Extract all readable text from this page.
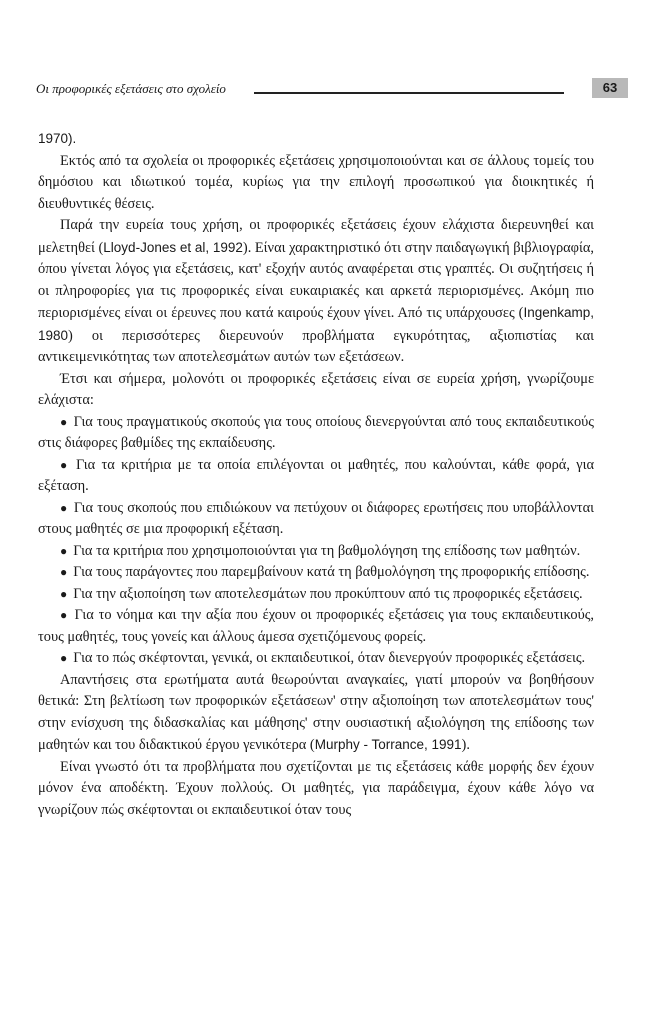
Οι προφορικές εξετάσεις στο σχολείο	63

1970).

Εκτός από τα σχολεία οι προφορικές εξετάσεις χρησιμοποιούνται και σε άλλους τομείς του δημόσιου και ιδιωτικού τομέα, κυρίως για την επιλογή προσωπικού για διοικητικές ή διευθυντικές θέσεις.

Παρά την ευρεία τους χρήση, οι προφορικές εξετάσεις έχουν ελάχιστα διερευνηθεί και μελετηθεί (Lloyd-Jones et al, 1992). Είναι χαρακτηριστικό ότι στην παιδαγωγική βιβλιογραφία, όπου γίνεται λόγος για εξετάσεις, κατ' εξοχήν αυτός αναφέρεται στις γραπτές. Οι συζητήσεις ή οι πληροφορίες για τις προφορικές είναι ευκαιριακές και αρκετά περιορισμένες. Ακόμη πιο περιορισμένες είναι οι έρευνες που κατά καιρούς έχουν γίνει. Από τις υπάρχουσες (Ingenkamp, 1980) οι περισσότερες διερευνούν προβλήματα εγκυρότητας, αξιοπιστίας και αντικειμενικότητας των αποτελεσμάτων αυτών των εξετάσεων.

Έτσι και σήμερα, μολονότι οι προφορικές εξετάσεις είναι σε ευρεία χρήση, γνωρίζουμε ελάχιστα:

● Για τους πραγματικούς σκοπούς για τους οποίους διενεργούνται από τους εκπαιδευτικούς στις διάφορες βαθμίδες της εκπαίδευσης.

● Για τα κριτήρια με τα οποία επιλέγονται οι μαθητές, που καλούνται, κάθε φορά, για εξέταση.

● Για τους σκοπούς που επιδιώκουν να πετύχουν οι διάφορες ερωτήσεις που υποβάλλονται στους μαθητές σε μια προφορική εξέταση.

● Για τα κριτήρια που χρησιμοποιούνται για τη βαθμολόγηση της επίδοσης των μαθητών.

● Για τους παράγοντες που παρεμβαίνουν κατά τη βαθμολόγηση της προφορικής επίδοσης.

● Για την αξιοποίηση των αποτελεσμάτων που προκύπτουν από τις προφορικές εξετάσεις.

● Για το νόημα και την αξία που έχουν οι προφορικές εξετάσεις για τους εκπαιδευτικούς, τους μαθητές, τους γονείς και άλλους άμεσα σχετιζόμενους φορείς.

● Για το πώς σκέφτονται, γενικά, οι εκπαιδευτικοί, όταν διενεργούν προφορικές εξετάσεις.

Απαντήσεις στα ερωτήματα αυτά θεωρούνται αναγκαίες, γιατί μπορούν να βοηθήσουν θετικά: Στη βελτίωση των προφορικών εξετάσεων' στην αξιοποίηση των αποτελεσμάτων τους' στην ενίσχυση της διδασκαλίας και μάθησης' στην ουσιαστική αξιολόγηση της επίδοσης των μαθητών και του διδακτικού έργου γενικότερα (Murphy - Torrance, 1991).

Είναι γνωστό ότι τα προβλήματα που σχετίζονται με τις εξετάσεις κάθε μορφής δεν έχουν μόνον ένα αποδέκτη. Έχουν πολλούς. Οι μαθητές, για παράδειγμα, έχουν κάθε λόγο να γνωρίζουν πώς σκέφτονται οι εκπαιδευτικοί όταν τους
